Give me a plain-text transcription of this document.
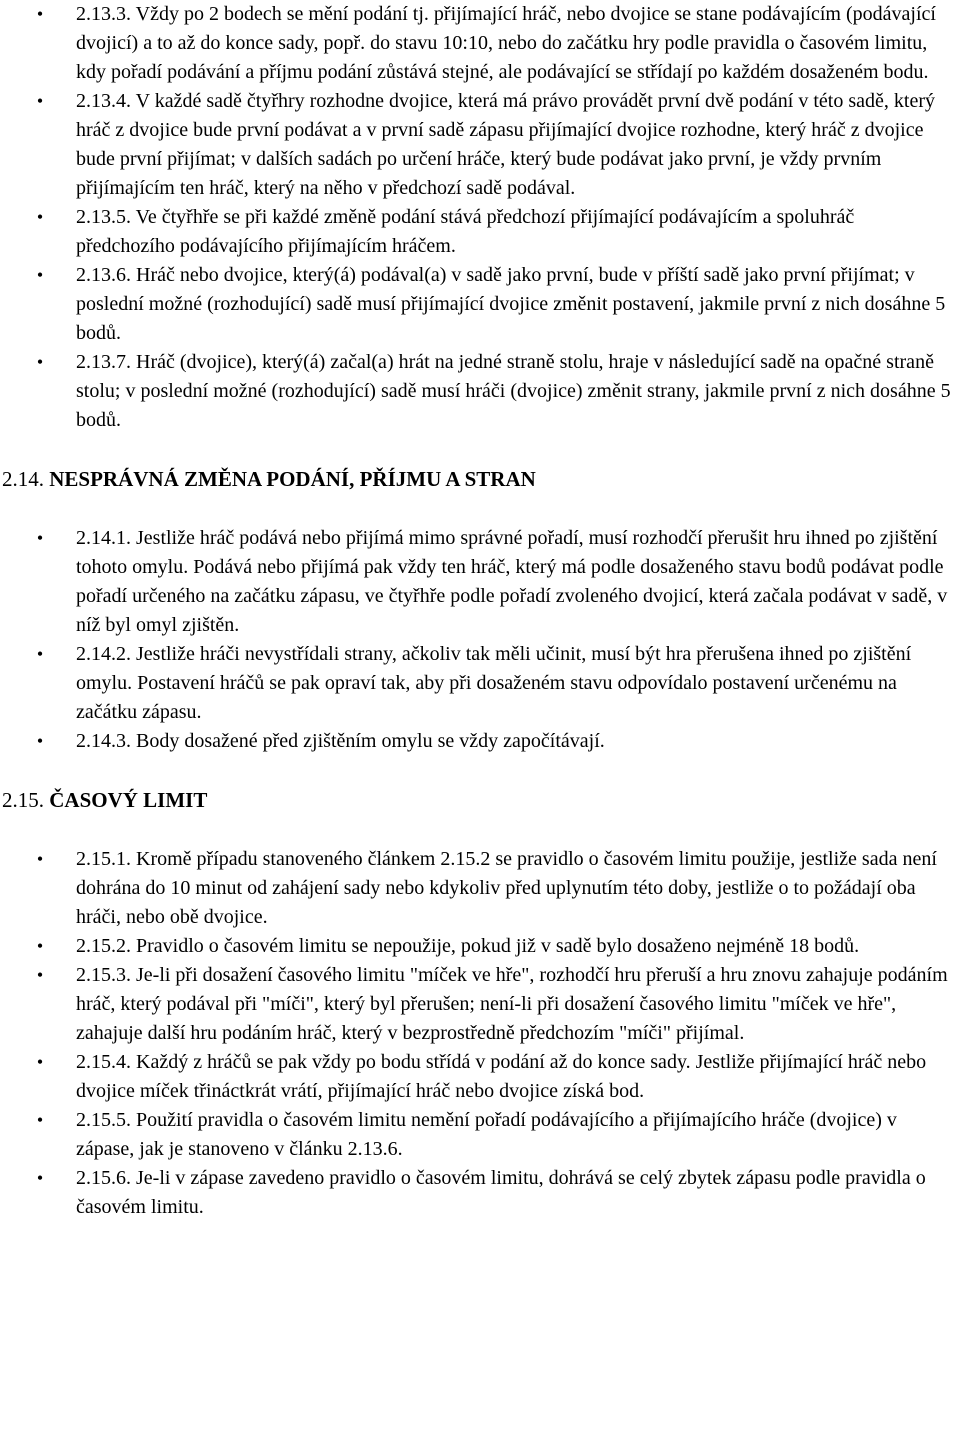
• 2.13.3. Vždy po 2 bodech se mění podání tj. přijímající hráč, nebo dvojice se stane podávajícím (podávající dvojicí) a to až do konce sady, popř. do stavu 10:10, nebo do začátku hry podle pravidla o časovém limitu, kdy pořadí podávání a příjmu podání zůstává stejné, ale podávající se střídají po každém dosaženém bodu.
• 2.13.4. V každé sadě čtyřhry rozhodne dvojice, která má právo provádět první dvě podání v této sadě, který hráč z dvojice bude první podávat a v první sadě zápasu přijímající dvojice rozhodne, který hráč z dvojice bude první přijímat; v dalších sadách po určení hráče, který bude podávat jako první, je vždy prvním přijímajícím ten hráč, který na něho v předchozí sadě podával.
• 2.13.5. Ve čtyřhře se při každé změně podání stává předchozí přijímající podávajícím a spoluhráč předchozího podávajícího přijímajícím hráčem.
• 2.13.6. Hráč nebo dvojice, který(á) podával(a) v sadě jako první, bude v příští sadě jako první přijímat; v poslední možné (rozhodující) sadě musí přijímající dvojice změnit postavení, jakmile první z nich dosáhne 5 bodů.
• 2.13.7. Hráč (dvojice), který(á) začal(a) hrát na jedné straně stolu, hraje v následující sadě na opačné straně stolu; v poslední možné (rozhodující) sadě musí hráči (dvojice) změnit strany, jakmile první z nich dosáhne 5 bodů.
2.14. NESPRÁVNÁ ZMĚNA PODÁNÍ, PŘÍJMU A STRAN
• 2.14.1. Jestliže hráč podává nebo přijímá mimo správné pořadí, musí rozhodčí přerušit hru ihned po zjištění tohoto omylu. Podává nebo přijímá pak vždy ten hráč, který má podle dosaženého stavu bodů podávat podle pořadí určeného na začátku zápasu, ve čtyřhře podle pořadí zvoleného dvojicí, která začala podávat v sadě, v níž byl omyl zjištěn.
• 2.14.2. Jestliže hráči nevystřídali strany, ačkoliv tak měli učinit, musí být hra přerušena ihned po zjištění omylu. Postavení hráčů se pak opraví tak, aby při dosaženém stavu odpovídalo postavení určenému na začátku zápasu.
• 2.14.3. Body dosažené před zjištěním omylu se vždy započítávají.
2.15. ČASOVÝ LIMIT
• 2.15.1. Kromě případu stanoveného článkem 2.15.2 se pravidlo o časovém limitu použije, jestliže sada není dohrána do 10 minut od zahájení sady nebo kdykoliv před uplynutím této doby, jestliže o to požádají oba hráči, nebo obě dvojice.
• 2.15.2. Pravidlo o časovém limitu se nepoužije, pokud již v sadě bylo dosaženo nejméně 18 bodů.
• 2.15.3. Je-li při dosažení časového limitu "míček ve hře", rozhodčí hru přeruší a hru znovu zahajuje podáním hráč, který podával při "míči", který byl přerušen; není-li při dosažení časového limitu "míček ve hře", zahajuje další hru podáním hráč, který v bezprostředně předchozím "míči" přijímal.
• 2.15.4. Každý z hráčů se pak vždy po bodu střídá v podání až do konce sady. Jestliže přijímající hráč nebo dvojice míček třináctkrát vrátí, přijímající hráč nebo dvojice získá bod.
• 2.15.5. Použití pravidla o časovém limitu nemění pořadí podávajícího a přijímajícího hráče (dvojice) v zápase, jak je stanoveno v článku 2.13.6.
• 2.15.6. Je-li v zápase zavedeno pravidlo o časovém limitu, dohrává se celý zbytek zápasu podle pravidla o časovém limitu.
